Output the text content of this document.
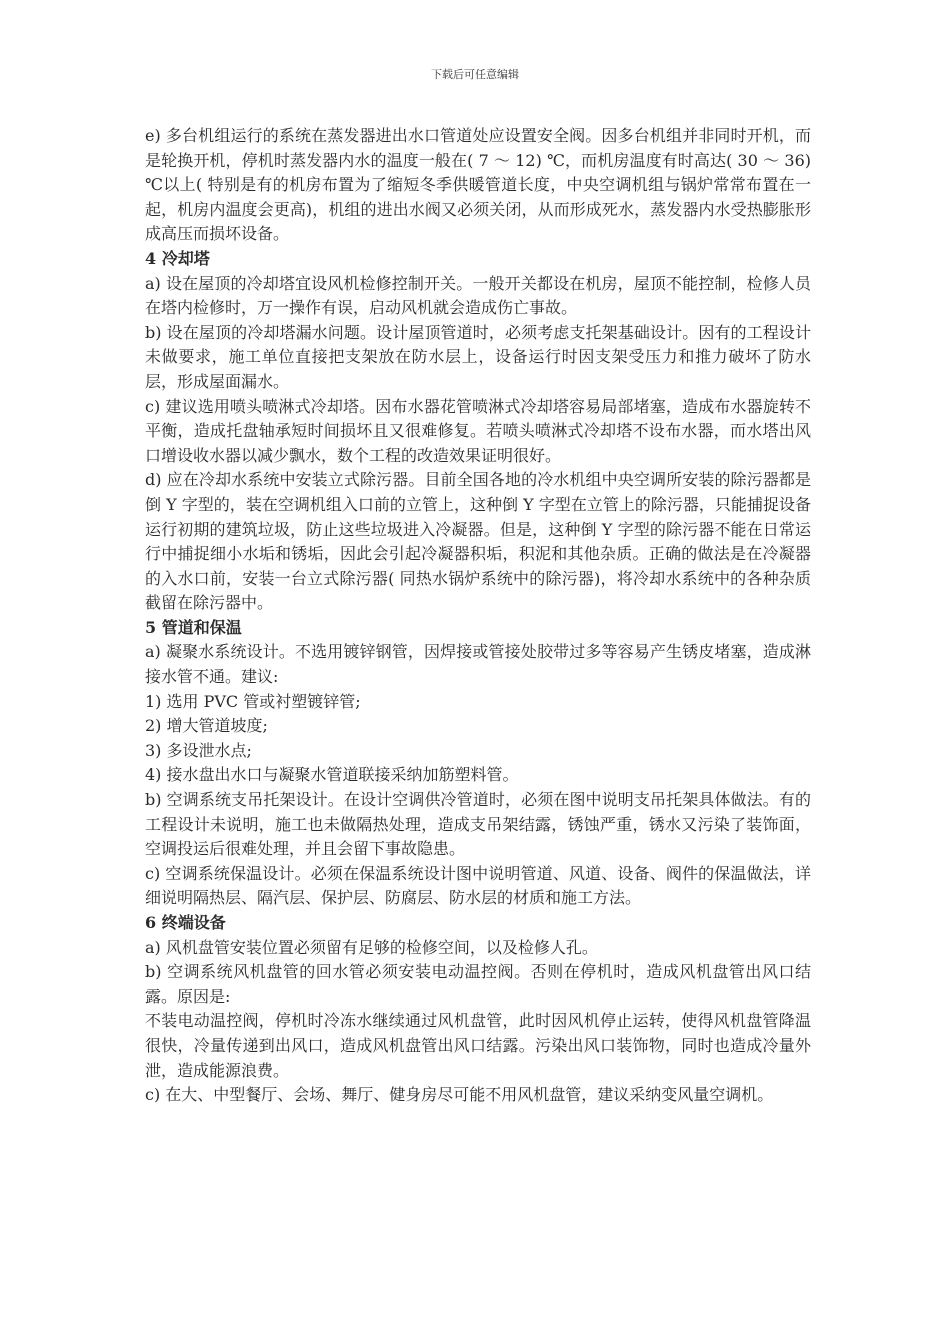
下载后可任意编辑

e) 多台机组运行的系统在蒸发器进出水口管道处应设置安全阀。因多台机组并非同时开机，而是轮换开机，停机时蒸发器内水的温度一般在( 7 ～ 12) ℃，而机房温度有时高达( 30 ～ 36) ℃以上( 特别是有的机房布置为了缩短冬季供暖管道长度，中央空调机组与锅炉常常布置在一起，机房内温度会更高)，机组的进出水阀又必须关闭，从而形成死水，蒸发器内水受热膨胀形成高压而损坏设备。

4 冷却塔

a) 设在屋顶的冷却塔宜设风机检修控制开关。一般开关都设在机房，屋顶不能控制，检修人员在塔内检修时，万一操作有误，启动风机就会造成伤亡事故。

b) 设在屋顶的冷却塔漏水问题。设计屋顶管道时，必须考虑支托架基础设计。因有的工程设计未做要求，施工单位直接把支架放在防水层上，设备运行时因支架受压力和推力破坏了防水层，形成屋面漏水。

c) 建议选用喷头喷淋式冷却塔。因布水器花管喷淋式冷却塔容易局部堵塞，造成布水器旋转不平衡，造成托盘轴承短时间损坏且又很难修复。若喷头喷淋式冷却塔不设布水器，而水塔出风口增设收水器以减少飘水，数个工程的改造效果证明很好。

d) 应在冷却水系统中安装立式除污器。目前全国各地的冷水机组中央空调所安装的除污器都是倒 Y 字型的，装在空调机组入口前的立管上，这种倒 Y 字型在立管上的除污器，只能捕捉设备运行初期的建筑垃圾，防止这些垃圾进入冷凝器。但是，这种倒 Y 字型的除污器不能在日常运行中捕捉细小水垢和锈垢，因此会引起冷凝器积垢，积泥和其他杂质。正确的做法是在冷凝器的入水口前，安装一台立式除污器( 同热水锅炉系统中的除污器)，将冷却水系统中的各种杂质截留在除污器中。

5 管道和保温

a) 凝聚水系统设计。不选用镀锌钢管，因焊接或管接处胶带过多等容易产生锈皮堵塞，造成淋接水管不通。建议:

1) 选用 PVC 管或衬塑镀锌管;

2) 增大管道坡度;

3) 多设泄水点;

4) 接水盘出水口与凝聚水管道联接采纳加筋塑料管。

b) 空调系统支吊托架设计。在设计空调供冷管道时，必须在图中说明支吊托架具体做法。有的工程设计未说明，施工也未做隔热处理，造成支吊架结露，锈蚀严重，锈水又污染了装饰面，空调投运后很难处理，并且会留下事故隐患。

c) 空调系统保温设计。必须在保温系统设计图中说明管道、风道、设备、阀件的保温做法，详细说明隔热层、隔汽层、保护层、防腐层、防水层的材质和施工方法。

6 终端设备

a) 风机盘管安装位置必须留有足够的检修空间，以及检修人孔。

b) 空调系统风机盘管的回水管必须安装电动温控阀。否则在停机时，造成风机盘管出风口结露。原因是:

不装电动温控阀，停机时冷冻水继续通过风机盘管，此时因风机停止运转，使得风机盘管降温很快，冷量传递到出风口，造成风机盘管出风口结露。污染出风口装饰物，同时也造成冷量外泄，造成能源浪费。

c) 在大、中型餐厅、会场、舞厅、健身房尽可能不用风机盘管，建议采纳变风量空调机。
